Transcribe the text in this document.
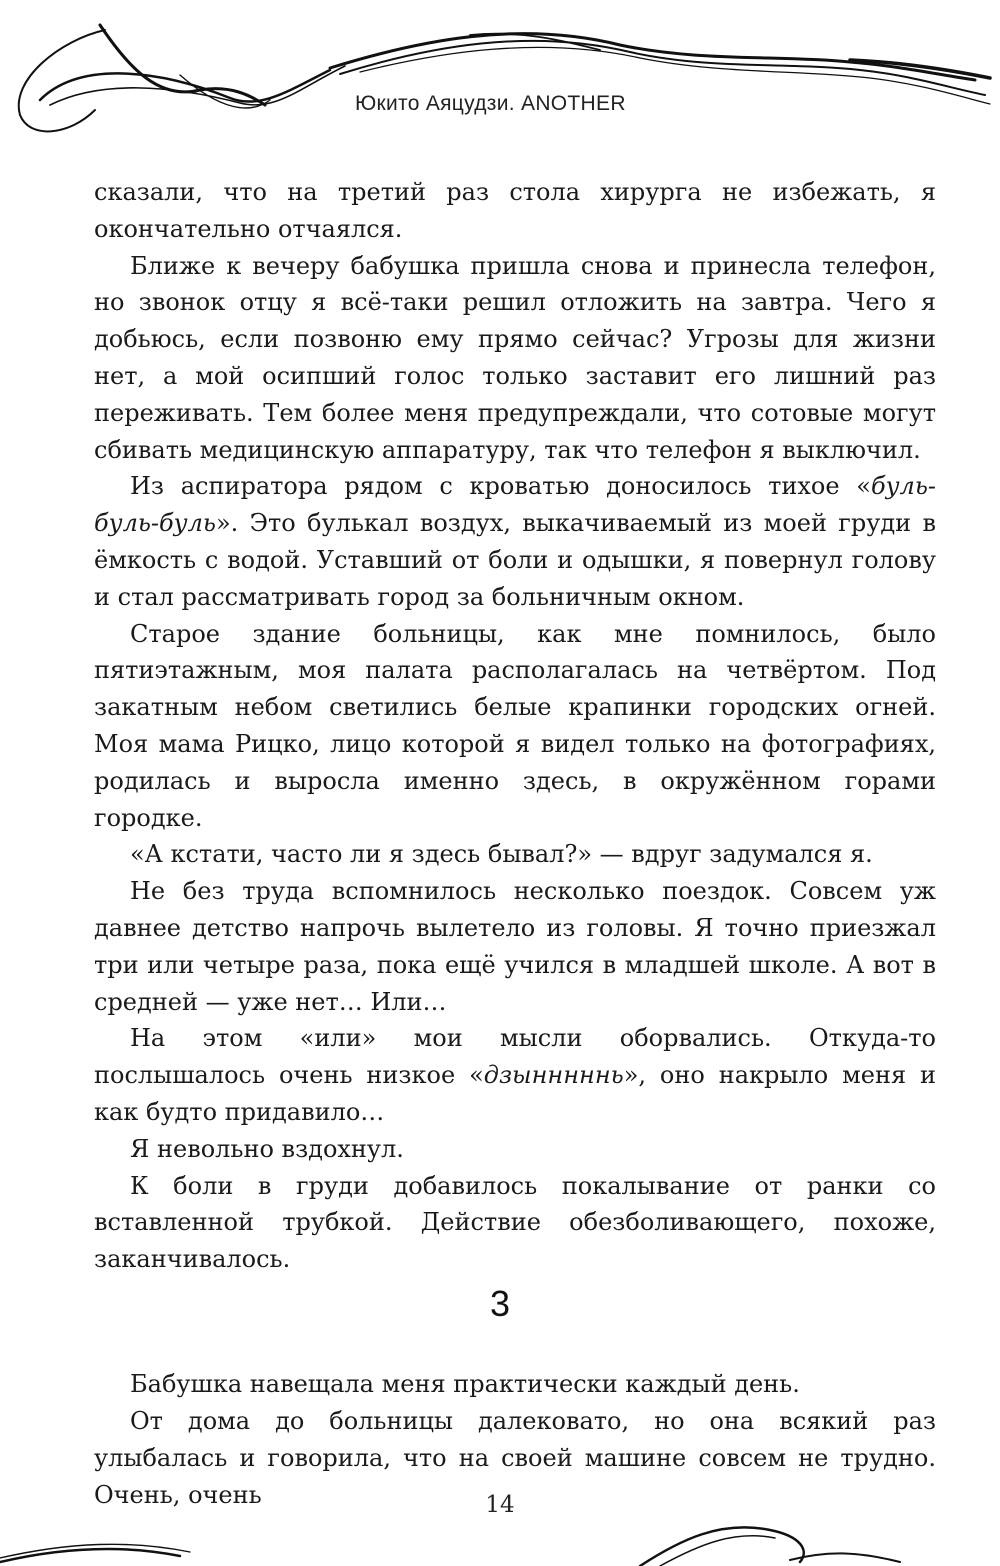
Юкито Аяцудзи. ANOTHER

сказали, что на третий раз стола хирурга не избежать, я окончательно отчаялся.

Ближе к вечеру бабушка пришла снова и принесла телефон, но звонок отцу я всё-таки решил отложить на завтра. Чего я добьюсь, если позвоню ему прямо сейчас? Угрозы для жизни нет, а мой осипший голос только заставит его лишний раз переживать. Тем более меня предупреждали, что сотовые могут сбивать медицинскую аппаратуру, так что телефон я выключил.

Из аспиратора рядом с кроватью доносилось тихое «буль-буль-буль». Это булькал воздух, выкачиваемый из моей груди в ёмкость с водой. Уставший от боли и одышки, я повернул голову и стал рассматривать город за больничным окном.

Старое здание больницы, как мне помнилось, было пятиэтажным, моя палата располагалась на четвёртом. Под закатным небом светились белые крапинки городских огней. Моя мама Рицко, лицо которой я видел только на фотографиях, родилась и выросла именно здесь, в окружённом горами городке.

«А кстати, часто ли я здесь бывал?» — вдруг задумался я.

Не без труда вспомнилось несколько поездок. Совсем уж давнее детство напрочь вылетело из головы. Я точно приезжал три или четыре раза, пока ещё учился в младшей школе. А вот в средней — уже нет… Или…

На этом «или» мои мысли оборвались. Откуда-то послышалось очень низкое «дзынннннь», оно накрыло меня и как будто придавило…

Я невольно вздохнул.

К боли в груди добавилось покалывание от ранки со вставленной трубкой. Действие обезболивающего, похоже, заканчивалось.

3

Бабушка навещала меня практически каждый день.

От дома до больницы далековато, но она всякий раз улыбалась и говорила, что на своей машине совсем не трудно. Очень, очень	14
